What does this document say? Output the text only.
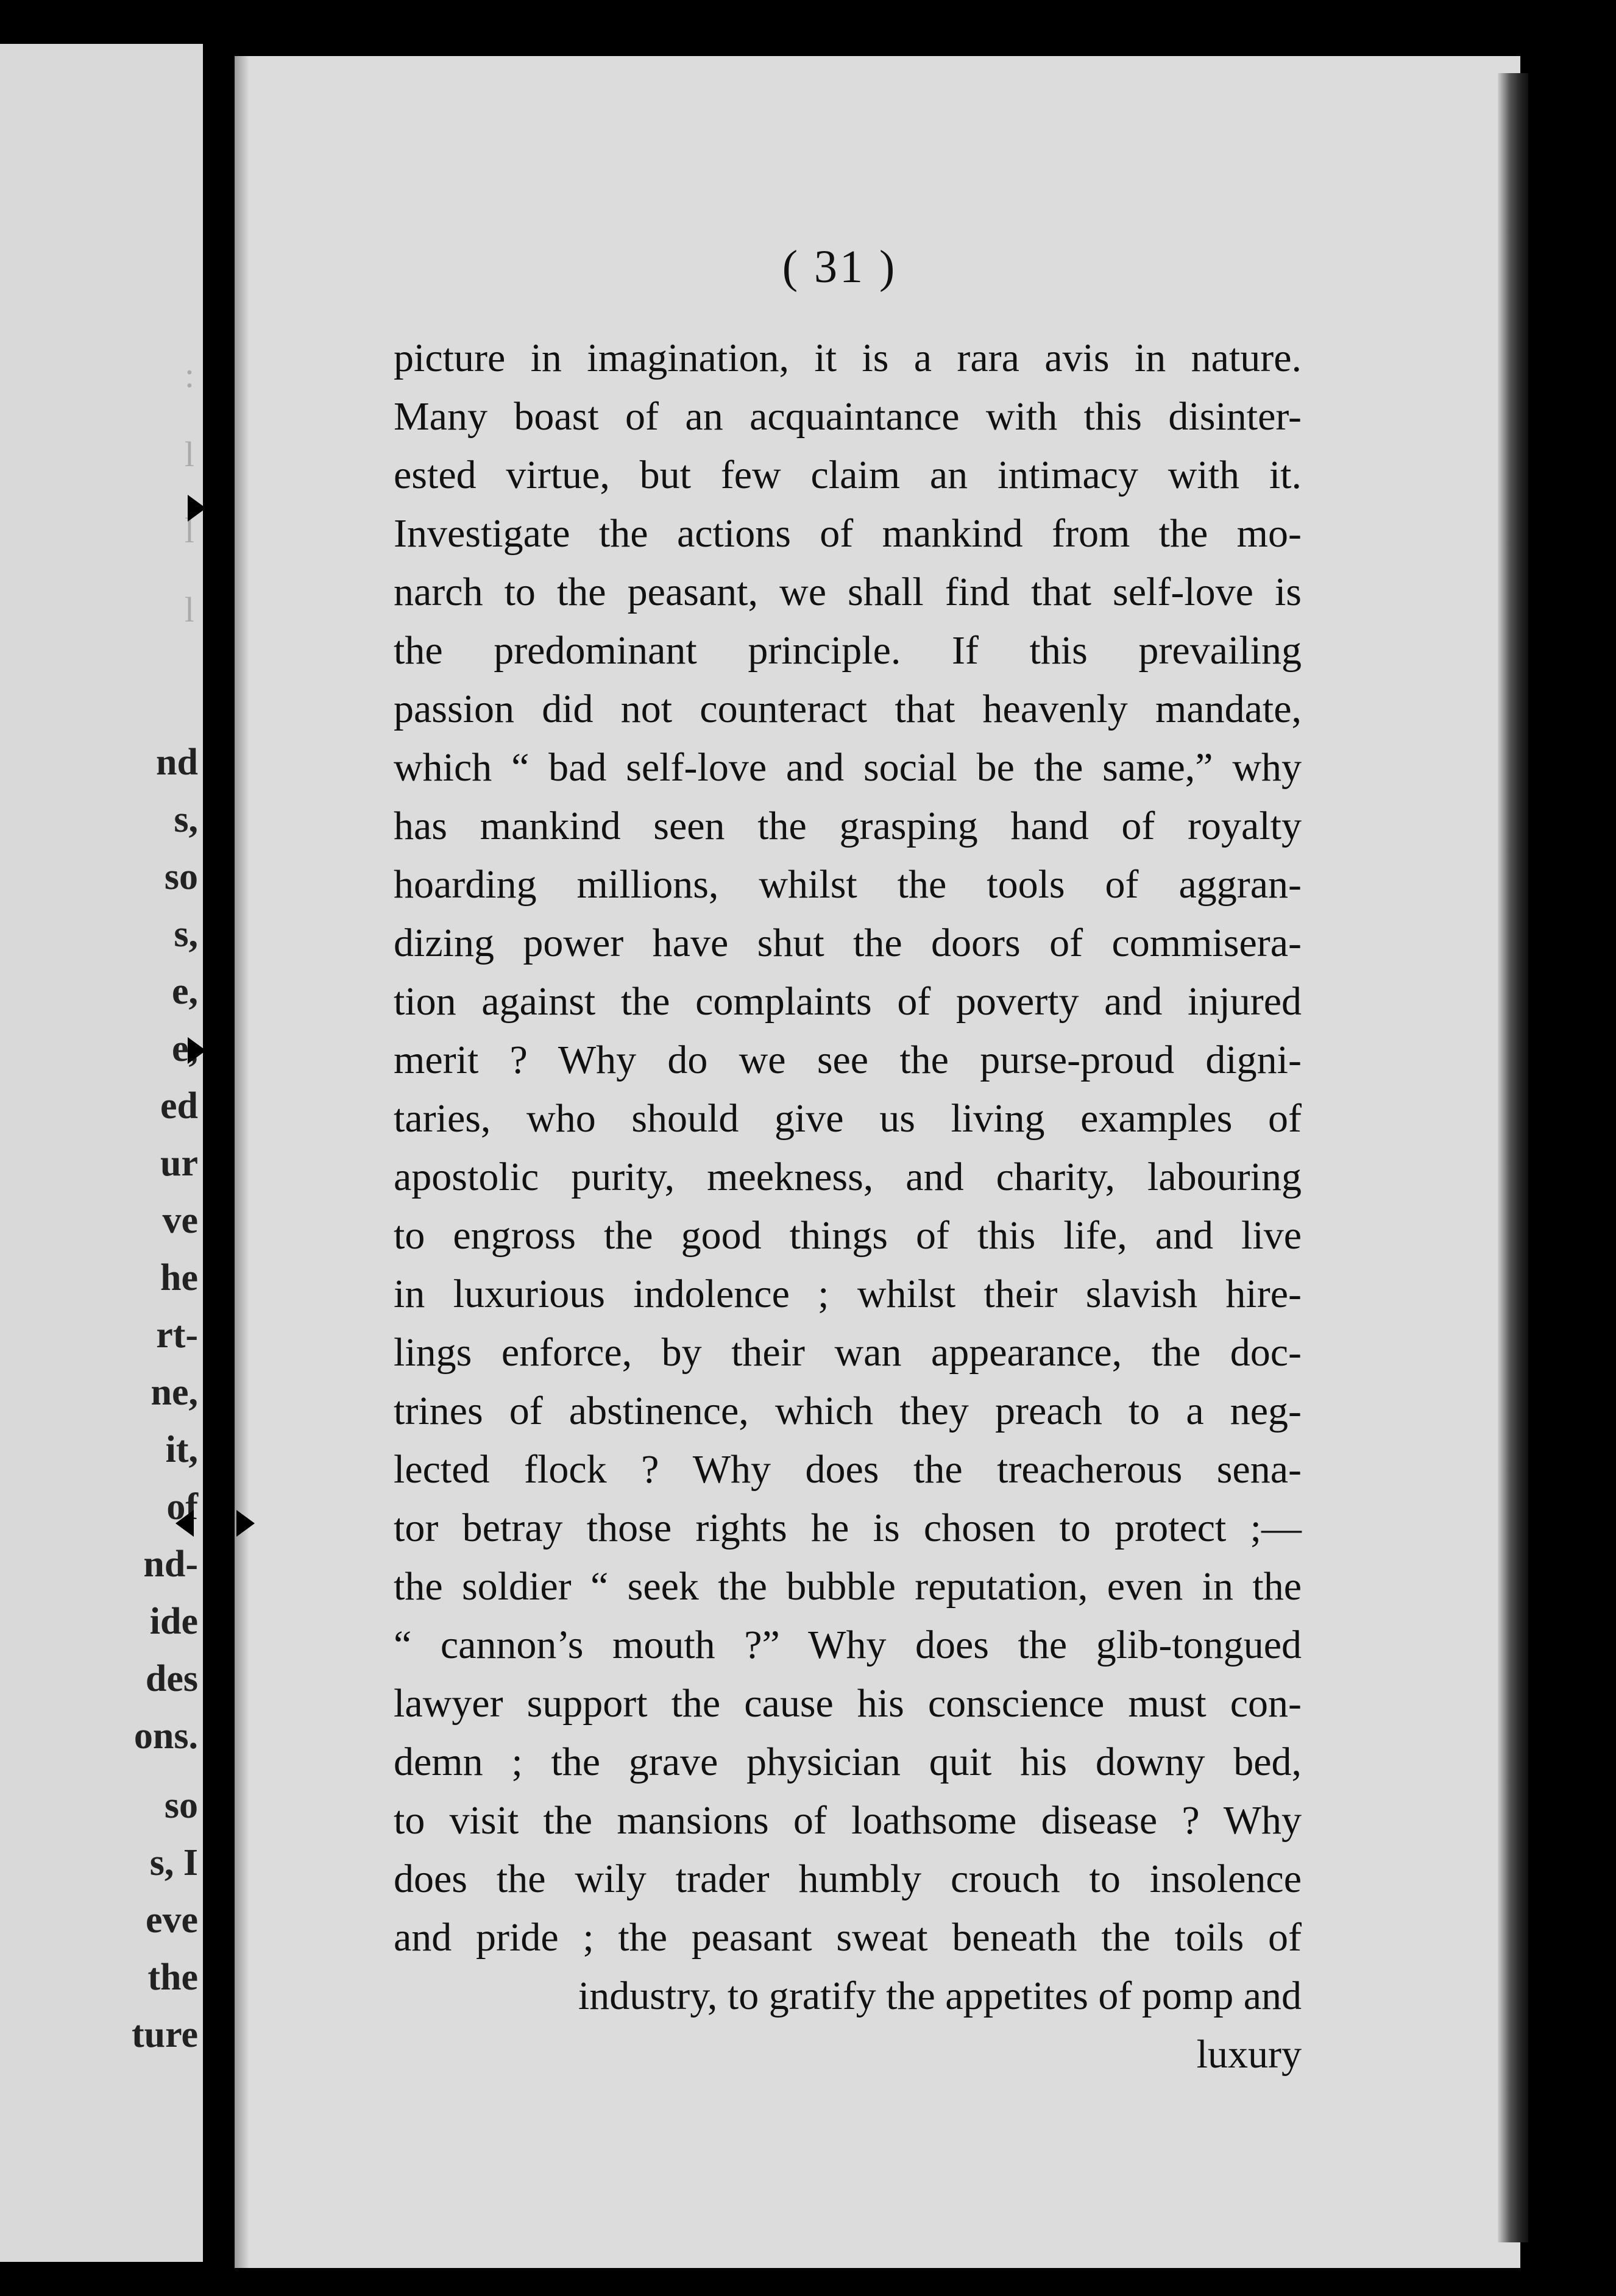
:
l
l
l
nd
s,
so
s,
e,
e,
ed
ur
ve
he
rt-
ne,
it,
of
nd-
ide
des
ons.
so
s, I
eve
the
ture
( 31 )
picture in imagination, it is a rara avis in nature.
Many boast of an acquaintance with this disinter-
ested virtue, but few claim an intimacy with it.
Investigate the actions of mankind from the mo-
narch to the peasant, we shall find that self-love is
the predominant principle. If this prevailing
passion did not counteract that heavenly mandate,
which “ bad self-love and social be the same,” why
has mankind seen the grasping hand of royalty
hoarding millions, whilst the tools of aggran-
dizing power have shut the doors of commisera-
tion against the complaints of poverty and injured
merit ? Why do we see the purse-proud digni-
taries, who should give us living examples of
apostolic purity, meekness, and charity, labouring
to engross the good things of this life, and live
in luxurious indolence ; whilst their slavish hire-
lings enforce, by their wan appearance, the doc-
trines of abstinence, which they preach to a neg-
lected flock ? Why does the treacherous sena-
tor betray those rights he is chosen to protect ;—
the soldier “ seek the bubble reputation, even in the
“ cannon’s mouth ?” Why does the glib-tongued
lawyer support the cause his conscience must con-
demn ; the grave physician quit his downy bed,
to visit the mansions of loathsome disease ? Why
does the wily trader humbly crouch to insolence
and pride ; the peasant sweat beneath the toils of
industry, to gratify the appetites of pomp and
luxury
